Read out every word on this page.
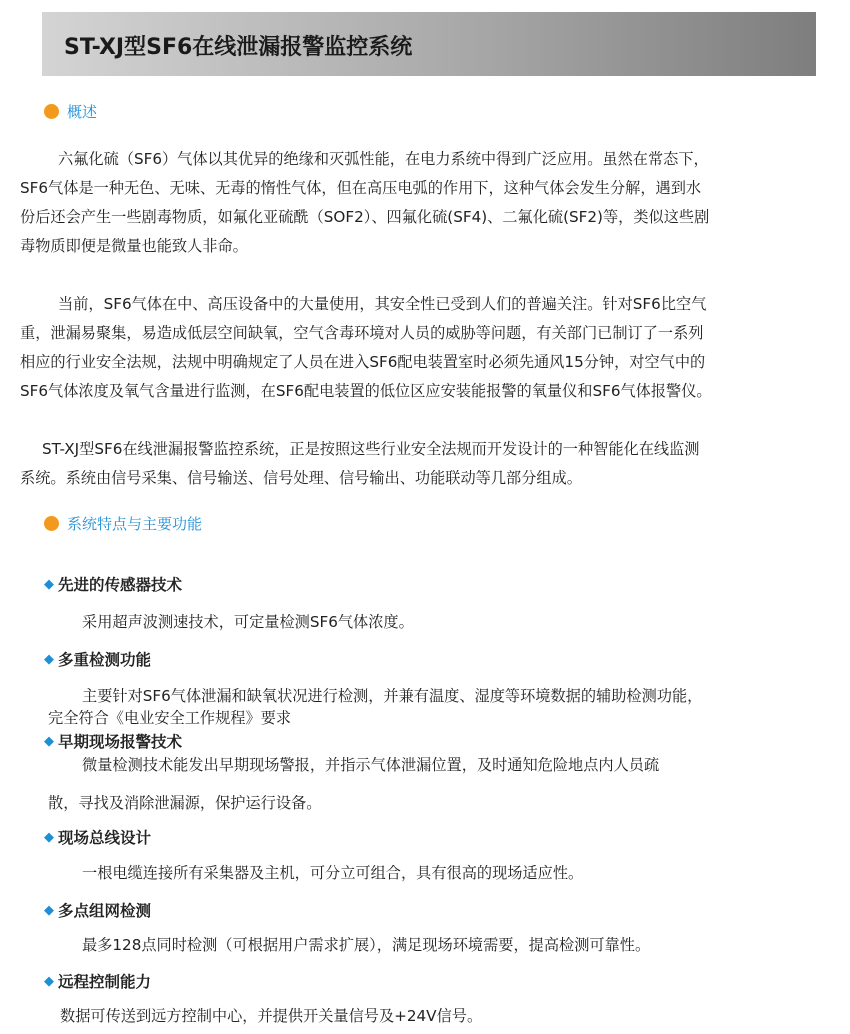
ST-XJ型SF6在线泄漏报警监控系统
概述
六氟化硫（SF6）气体以其优异的绝缘和灭弧性能，在电力系统中得到广泛应用。虽然在常态下，
SF6气体是一种无色、无味、无毒的惰性气体，但在高压电弧的作用下，这种气体会发生分解，遇到水
份后还会产生一些剧毒物质，如氟化亚硫酰（SOF2）、四氟化硫(SF4)、二氟化硫(SF2)等，类似这些剧
毒物质即便是微量也能致人非命。
当前，SF6气体在中、高压设备中的大量使用，其安全性已受到人们的普遍关注。针对SF6比空气
重，泄漏易聚集，易造成低层空间缺氧，空气含毒环境对人员的威胁等问题，有关部门已制订了一系列
相应的行业安全法规，法规中明确规定了人员在进入SF6配电装置室时必须先通风15分钟，对空气中的
SF6气体浓度及氧气含量进行监测，在SF6配电装置的低位区应安装能报警的氧量仪和SF6气体报警仪。
ST-XJ型SF6在线泄漏报警监控系统，正是按照这些行业安全法规而开发设计的一种智能化在线监测
系统。系统由信号采集、信号输送、信号处理、信号输出、功能联动等几部分组成。
系统特点与主要功能
◆ 先进的传感器技术

采用超声波测速技术，可定量检测SF6气体浓度。

◆ 多重检测功能

主要针对SF6气体泄漏和缺氧状况进行检测，并兼有温度、湿度等环境数据的辅助检测功能，

完全符合《电业安全工作规程》要求

◆ 早期现场报警技术

微量检测技术能发出早期现场警报，并指示气体泄漏位置，及时通知危险地点内人员疏

散，寻找及消除泄漏源，保护运行设备。

◆ 现场总线设计

一根电缆连接所有采集器及主机，可分立可组合，具有很高的现场适应性。

◆ 多点组网检测

最多128点同时检测（可根据用户需求扩展），满足现场环境需要，提高检测可靠性。

◆ 远程控制能力

数据可传送到远方控制中心，并提供开关量信号及+24V信号。
